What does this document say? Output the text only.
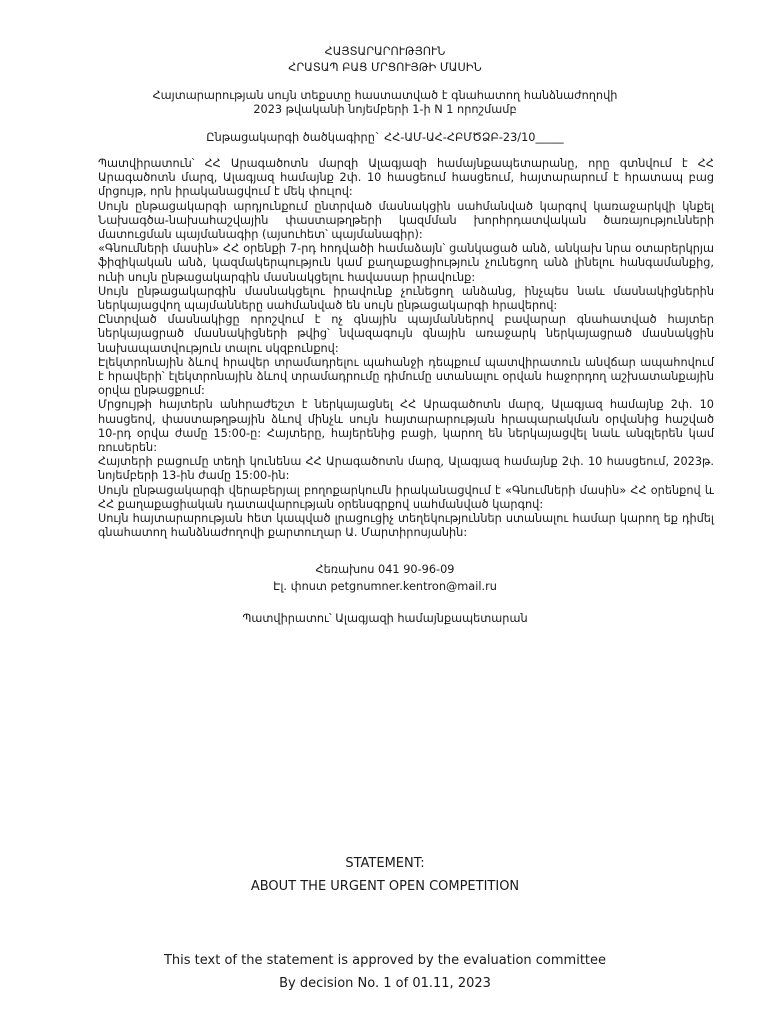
ՀԱՅՏԱՐԱՐՈՒԹՅՈՒՆ

ՀՐԱՏԱՊ ԲԱՑ ՄՐՑՈՒՅԹԻ ՄԱՍԻՆ

Հայտարարության սույն տեքստը հաստատված է գնահատող հանձնաժողովի

2023 թվականի նոյեմբերի 1-ի N 1 որոշմամբ

Ընթացակարգի ծածկագիրը` ՀՀ-ԱՄ-ԱՀ-ՀԲՄԾՁԲ-23/10_____

Պատվիրատուն՝ ՀՀ Արագածոտն մարզի Ալագյազի համայնքապետարանը, որը գտնվում է ՀՀ Արագածոտն մարզ, Ալագյազ համայնք 2փ. 10 հասցեում հասցեում, հայտարարում է հրատապ բաց մրցույթ, որն իրականացվում է մեկ փուլով:

Սույն ընթացակարգի արդյունքում ընտրված մասնակցին սահմանված կարգով կառաջարկվի կնքել Նախագծա-նախահաշվային փաստաթղթերի կազմման խորհրդատվական ծառայությունների մատուցման պայմանագիր (այսուհետ՝ պայմանագիր):

«Գնումների մասին» ՀՀ օրենքի 7-րդ հոդվածի համաձայն՝ ցանկացած անձ, անկախ նրա օտարերկրյա ֆիզիկական անձ, կազմակերպություն կամ քաղաքացիություն չունեցող անձ լինելու հանգամանքից, ունի սույն ընթացակարգին մասնակցելու հավասար իրավունք:

Սույն ընթացակարգին մասնակցելու իրավունք չունեցող անձանց, ինչպես նաև մասնակիցներին ներկայացվող պայմանները սահմանված են սույն ընթացակարգի հրավերով:

Ընտրված մասնակիցը որոշվում է ոչ գնային պայմաններով բավարար գնահատված հայտեր ներկայացրած մասնակիցների թվից՝ նվազագույն գնային առաջարկ ներկայացրած մասնակցին նախապատվություն տալու սկզբունքով:

Էլեկտրոնային ձևով հրավեր տրամադրելու պահանջի դեպքում պատվիրատուն անվճար ապահովում է հրավերի՝ էլեկտրոնային ձևով տրամադրումը դիմումը ստանալու օրվան հաջորդող աշխատանքային օրվա ընթացքում:

Մրցույթի հայտերն անհրաժեշտ է ներկայացնել ՀՀ Արագածոտն մարզ, Ալագյազ համայնք 2փ. 10 հասցեով, փաստաթղթային ձևով մինչև սույն հայտարարության հրապարակման օրվանից հաշված 10-րդ օրվա ժամը 15:00-ը: Հայտերը, հայերենից բացի, կարող են ներկայացվել նաև անգլերեն կամ ռուսերեն:

Հայտերի բացումը տեղի կունենա ՀՀ Արագածոտն մարզ, Ալագյազ համայնք 2փ. 10 հասցեում, 2023թ. նոյեմբերի 13-ին ժամը 15:00-ին:

Սույն ընթացակարգի վերաբերյալ բողոքարկումն իրականացվում է «Գնումների մասին» ՀՀ օրենքով և ՀՀ քաղաքացիական դատավարության օրենսգրքով սահմանված կարգով:

Սույն հայտարարության հետ կապված լրացուցիչ տեղեկություններ ստանալու համար կարող եք դիմել գնահատող հանձնաժողովի քարտուղար Ա. Մարտիրոսյանին:

Հեռախոս 041 90-96-09

Էլ. փոստ petgnumner.kentron@mail.ru

Պատվիրատու՝ Ալագյազի համայնքապետարան

STATEMENT:
ABOUT THE URGENT OPEN COMPETITION
This text of the statement is approved by the evaluation committee
By decision No. 1 of 01.11, 2023
